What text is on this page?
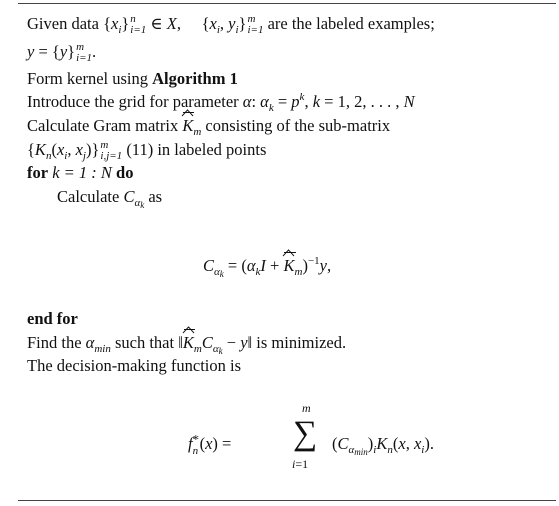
Given data $\{x_i\}$ n
i=1 ∈ X,     {$x_i$, $y_i$} m
i=1 are the labeled examples;
y = {y} m
i=1 .
Form kernel using Algorithm 1
Introduce the grid for parameter α: $\alpha_k = p^k$, k = 1, 2, . . . , N
Calculate Gram matrix K
$_m$ consisting of the sub-matrix
{$K_n(x_i$, $x_j$)} m
i,j=1 (11) in labeled points
for k = 1 : N do
Calculate $C_{\alpha_k}$ as
$C_{\alpha_k} = (\alpha_kI + K$
$_m$)$^{-1}$y,
end for
Find the $\alpha_{min}$ such that ‖K
$_mC_{\alpha_k}$ − y‖ is minimized.
The decision-making function is
$f_n^∗(x)$ =
m
∑
i=1
$(C_{\alpha_{min}})_iK_n(x$, $x_i$).
